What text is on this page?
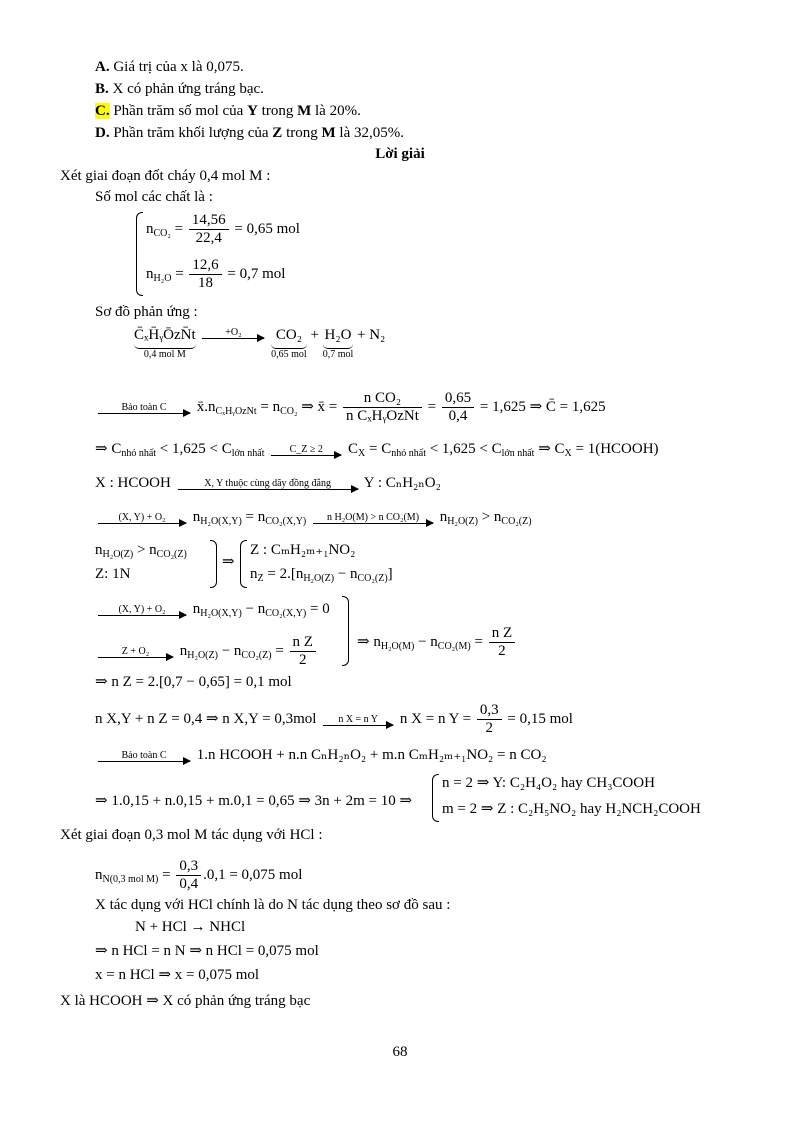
A. Giá trị của x là 0,075.
B. X có phản ứng tráng bạc.
C. Phần trăm số mol của Y trong M là 20%.
D. Phần trăm khối lượng của Z trong M là 32,05%.
Lời giải
Xét giai đoạn đốt cháy 0,4 mol M :
Số mol các chất là :
$n_{CO_2} = \frac{14,56}{22,4} = 0,65$ mol
$n_{H_2O} = \frac{12,6}{18} = 0,7$ mol
Sơ đồ phản ứng :
C̄ₓH̄ᵧŌzN̄t
0,4 mol M

+O₂	CO₂
0,65 mol
+ H₂O
0,7 mol
+ N₂
Bảo toàn C	$x̄.n_{C_xHᵧOzNt} = n_{CO_2}$ ⇒ x̄ = $\frac{\text{n CO₂}}{\text{n CₓHᵧOzNt}} = \frac{0,65}{0,4} = 1,625$ ⇒ C̄ = 1,625
⇒ $C_{nhỏ nhất} < 1,625 < C_{lớn nhất}$	C_Z ≥ 2	$C_X = C_{nhỏ nhất} < 1,625 < C_{lớn nhất}$ ⇒ $C_X$ = 1(HCOOH)
X : HCOOH	X, Y thuộc cùng dãy đồng đẳng	Y : CₙH₂ₙO₂
(X, Y) + O₂	$n_{H_2O(X,Y)} = n_{CO_2(X,Y)}$	n H₂O(M) > n CO₂(M)	$n_{H_2O(Z)} > n_{CO_2(Z)}$
$n_{H_2O(Z)} > n_{CO_2(Z)}$
Z: 1N
⇒
Z : CₘH₂ₘ₊₁NO₂
$n_Z = 2.[n_{H_2O(Z)} - n_{CO_2(Z)}]$
(X, Y) + O₂	$n_{H_2O(X,Y)} - n_{CO_2(X,Y)} = 0$
Z + O₂	$n_{H_2O(Z)} - n_{CO_2(Z)} = \frac{\text{n Z}}{2}$	⇒ $n_{H_2O(M)} - n_{CO_2(M)} = \frac{\text{n Z}}{2}$
⇒ n Z = 2.[0,7 − 0,65] = 0,1 mol
n X,Y + n Z = 0,4 ⇒ n X,Y = 0,3mol	n X = n Y	n X = n $Y = \frac{0,3}{2} = 0,15$ mol
Bảo toàn C	1.n HCOOH + n.n CₙH₂ₙO₂ + m.n CₘH₂ₘ₊₁NO₂ = n CO₂
⇒ 1.0,15 + n.0,15 + m.0,1 = 0,65 ⇒ 3n + 2m = 10 ⇒
n = 2 ⇒ Y: C₂H₄O₂ hay CH₃COOH
m = 2 ⇒ Z : C₂H₅NO₂ hay H₂NCH₂COOH
Xét giai đoạn 0,3 mol M tác dụng với HCl :
$n_{N(0,3 mol M)} = \frac{0,3}{0,4} .0,1 = 0,075$ mol
X tác dụng với HCl chính là do N tác dụng theo sơ đồ sau :
N + HCl → NHCl
⇒ n HCl = n N ⇒ n HCl = 0,075 mol
x = n HCl ⇒ x = 0,075 mol
X là HCOOH ⇒ X có phản ứng tráng bạc
68
